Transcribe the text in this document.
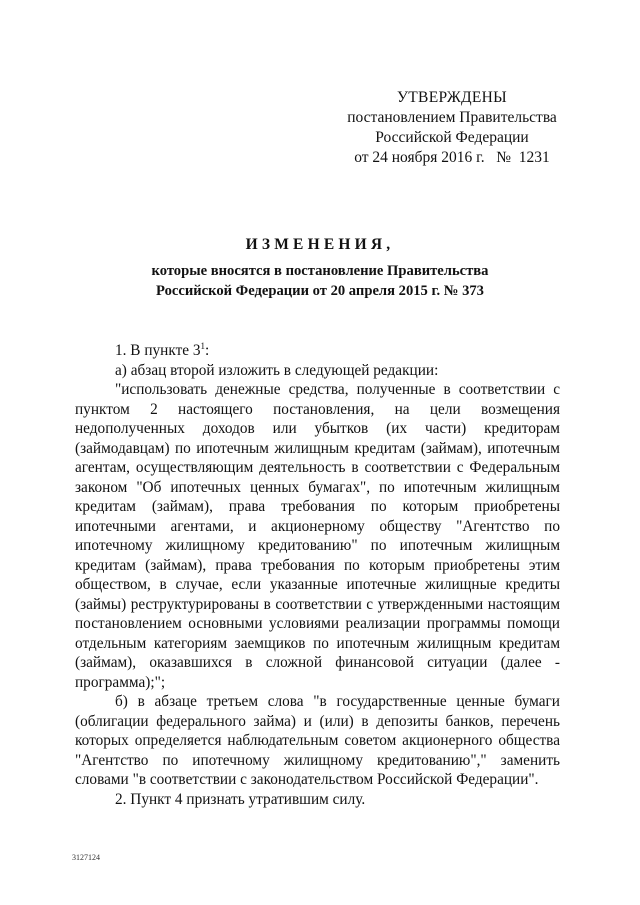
УТВЕРЖДЕНЫ
постановлением Правительства
Российской Федерации
от 24 ноября 2016 г.   №  1231
ИЗМЕНЕНИЯ,
которые вносятся в постановление Правительства
Российской Федерации от 20 апреля 2015 г. № 373

1. В пункте $3^1$:

а) абзац второй изложить в следующей редакции:

"использовать денежные средства, полученные в соответствии с пунктом 2 настоящего постановления, на цели возмещения недополученных доходов или убытков (их части) кредиторам (займодавцам) по ипотечным жилищным кредитам (займам), ипотечным агентам, осуществляющим деятельность в соответствии с Федеральным законом "Об ипотечных ценных бумагах", по ипотечным жилищным кредитам (займам), права требования по которым приобретены ипотечными агентами, и акционерному обществу "Агентство по ипотечному жилищному кредитованию" по ипотечным жилищным кредитам (займам), права требования по которым приобретены этим обществом, в случае, если указанные ипотечные жилищные кредиты (займы) реструктурированы в соответствии с утвержденными настоящим постановлением основными условиями реализации программы помощи отдельным категориям заемщиков по ипотечным жилищным кредитам (займам), оказавшихся в сложной финансовой ситуации (далее - программа);";

б) в абзаце третьем слова "в государственные ценные бумаги (облигации федерального займа) и (или) в депозиты банков, перечень которых определяется наблюдательным советом акционерного общества "Агентство по ипотечному жилищному кредитованию"," заменить словами "в соответствии с законодательством Российской Федерации".

2. Пункт 4 признать утратившим силу.

3127124
